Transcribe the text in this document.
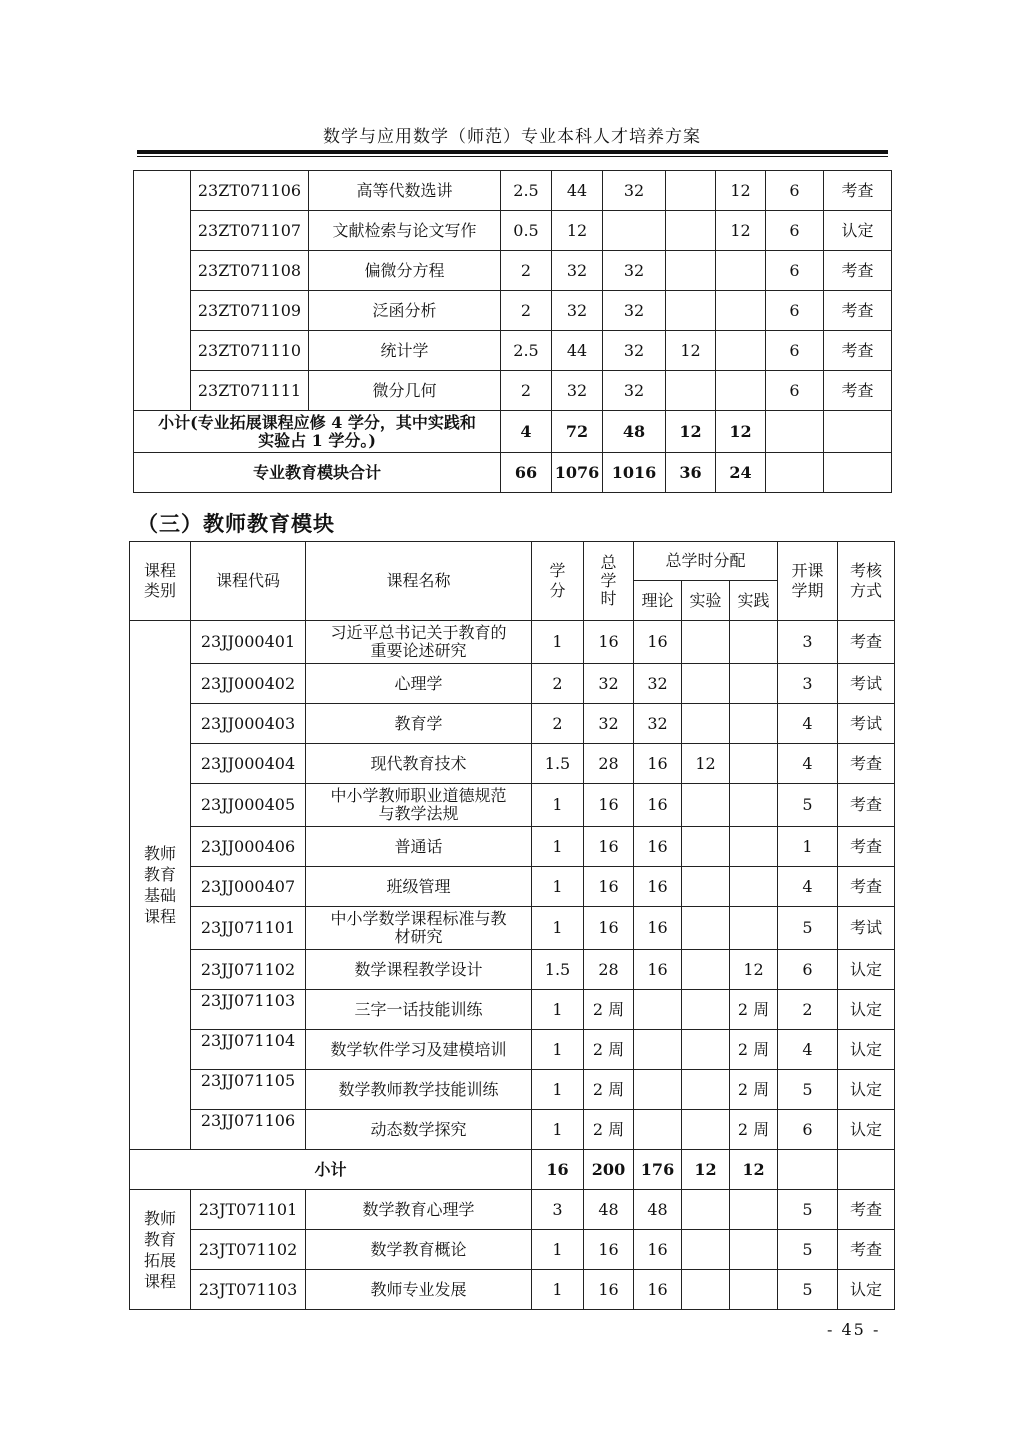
数学与应用数学（师范）专业本科人才培养方案
	23ZT071106	高等代数选讲	2.5	44	32		12	6	考查
	23ZT071107	文献检索与论文写作	0.5	12			12	6	认定
	23ZT071108	偏微分方程	2	32	32			6	考查
	23ZT071109	泛函分析	2	32	32			6	考查
	23ZT071110	统计学	2.5	44	32	12		6	考查
	23ZT071111	微分几何	2	32	32			6	考查

小计(专业拓展课程应修 4 学分，其中实践和
实验占 1 学分。)			4	72	48	12	12		
专业教育模块合计			66	1076	1016	36	24		
（三）教师教育模块
课程类别	课程代码	课程名称	学分	总学时	总学时分配			开课学期	考核方式

					理论	实验	实践		

教师教育基础课程	23JJ000401	习近平总书记关于教育的
重要论述研究	1	16	16			3	考查
	23JJ000402	心理学	2	32	32			3	考试
	23JJ000403	教育学	2	32	32			4	考试
	23JJ000404	现代教育技术	1.5	28	16	12		4	考查
	23JJ000405	中小学教师职业道德规范
与教学法规	1	16	16			5	考查
	23JJ000406	普通话	1	16	16			1	考查
	23JJ000407	班级管理	1	16	16			4	考查
	23JJ071101	中小学数学课程标准与教
材研究	1	16	16			5	考试
	23JJ071102	数学课程教学设计	1.5	28	16		12	6	认定
	23JJ071103	三字一话技能训练	1	2 周			2 周	2	认定
	23JJ071104	数学软件学习及建模培训	1	2 周			2 周	4	认定
	23JJ071105	数学教师教学技能训练	1	2 周			2 周	5	认定
	23JJ071106	动态数学探究	1	2 周			2 周	6	认定
小计			16	200	176	12	12		

教师教育拓展课程	23JT071101	数学教育心理学	3	48	48			5	考查
	23JT071102	数学教育概论	1	16	16			5	考查
	23JT071103	教师专业发展	1	16	16			5	认定
- 45 -
